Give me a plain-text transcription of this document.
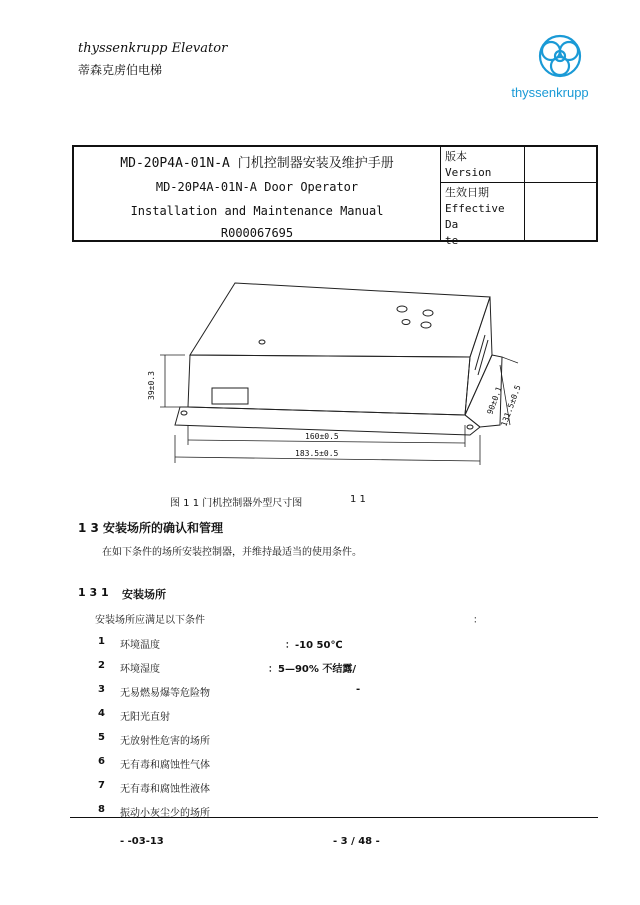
thyssenkrupp Elevator
蒂森克虏伯电梯
thyssenkrupp
MD-20P4A-01N-A 门机控制器安装及维护手册
MD-20P4A-01N-A Door Operator
Installation and Maintenance Manual
R000067695
版本
Version
生效日期
Effective Da
te
160±0.5
183.5±0.5
39±0.3	90±0.1
131.5±0.5
图 1 1 门机控制器外型尺寸图	1 1
1 3 安装场所的确认和管理
在如下条件的场所安装控制器，并维持最适当的使用条件。
1 3 1 安装场所
安装场所应满足以下条件	：
1 环境温度	：-10 50℃
2 环境湿度	：5—90% 不结露/
3 无易燃易爆等危险物	-
4 无阳光直射
5 无放射性危害的场所
6 无有毒和腐蚀性气体
7 无有毒和腐蚀性液体
8 振动小灰尘少的场所
- -03-13	- 3 / 48 -
